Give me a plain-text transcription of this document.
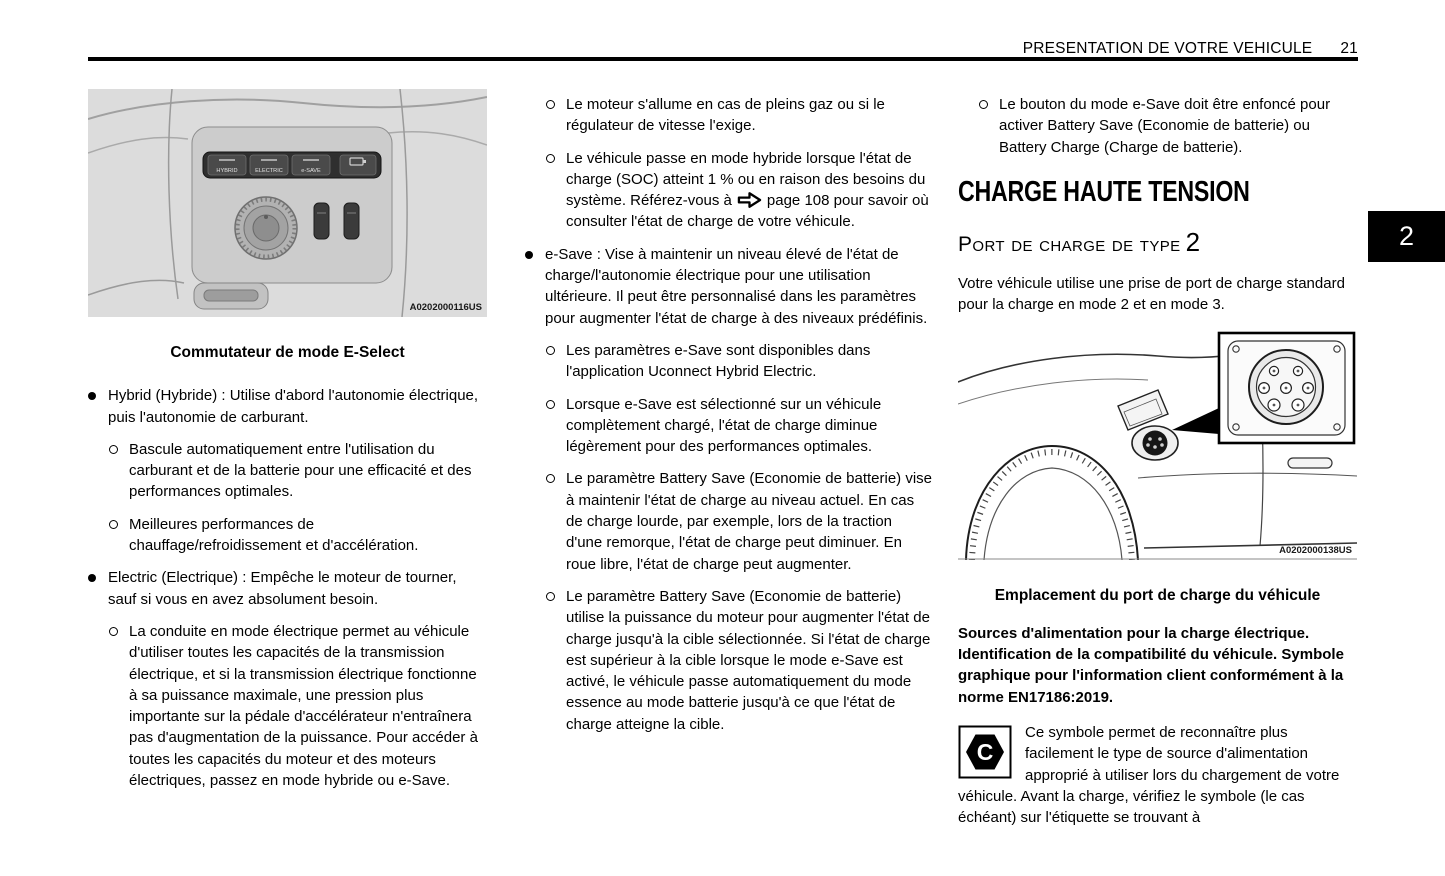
PRESENTATION DE VOTRE VEHICULE 21
2
HYBRID	ELECTRIC	e-SAVE
A0202000116US
Commutateur de mode E-Select
Hybrid (Hybride) : Utilise d'abord l'autonomie électrique, puis l'autonomie de carburant.
Bascule automatiquement entre l'utilisation du carburant et de la batterie pour une efficacité et des performances optimales.
Meilleures performances de chauffage/refroidissement et d'accélération.
Electric (Electrique) : Empêche le moteur de tourner, sauf si vous en avez absolument besoin.
La conduite en mode électrique permet au véhicule d'utiliser toutes les capacités de la transmission électrique, et si la transmission électrique fonctionne à sa puissance maximale, une pression plus importante sur la pédale d'accélérateur n'entraînera pas d'augmentation de la puissance. Pour accéder à toutes les capacités du moteur et des moteurs électriques, passez en mode hybride ou e-Save.
Le moteur s'allume en cas de pleins gaz ou si le régulateur de vitesse l'exige.
Le véhicule passe en mode hybride lorsque l'état de charge (SOC) atteint 1 % ou en raison des besoins du système. Référez-vous à page 108 pour savoir où consulter l'état de charge de votre véhicule.
e-Save : Vise à maintenir un niveau élevé de l'état de charge/l'autonomie électrique pour une utilisation ultérieure. Il peut être personnalisé dans les paramètres pour augmenter l'état de charge à des niveaux prédéfinis.
Les paramètres e-Save sont disponibles dans l'application Uconnect Hybrid Electric.
Lorsque e-Save est sélectionné sur un véhicule complètement chargé, l'état de charge diminue légèrement pour des performances optimales.
Le paramètre Battery Save (Economie de batterie) vise à maintenir l'état de charge au niveau actuel. En cas de charge lourde, par exemple, lors de la traction d'une remorque, l'état de charge peut diminuer. En roue libre, l'état de charge peut augmenter.
Le paramètre Battery Save (Economie de batterie) utilise la puissance du moteur pour augmenter l'état de charge jusqu'à la cible sélectionnée. Si l'état de charge est supérieur à la cible lorsque le mode e-Save est activé, le véhicule passe automatiquement du mode essence au mode batterie jusqu'à ce que l'état de charge atteigne la cible.
Le bouton du mode e-Save doit être enfoncé pour activer Battery Save (Economie de batterie) ou Battery Charge (Charge de batterie).
CHARGE HAUTE TENSION
Port de charge de type 2
Votre véhicule utilise une prise de port de charge standard pour la charge en mode 2 et en mode 3.
A0202000138US
Emplacement du port de charge du véhicule
Sources d'alimentation pour la charge électrique. Identification de la compatibilité du véhicule. Symbole graphique pour l'information client conformément à la norme EN17186:2019.
C
Ce symbole permet de reconnaître plus facilement le type de source d'alimentation approprié à utiliser lors du chargement de votre véhicule. Avant la charge, vérifiez le symbole (le cas échéant) sur l'étiquette se trouvant à
